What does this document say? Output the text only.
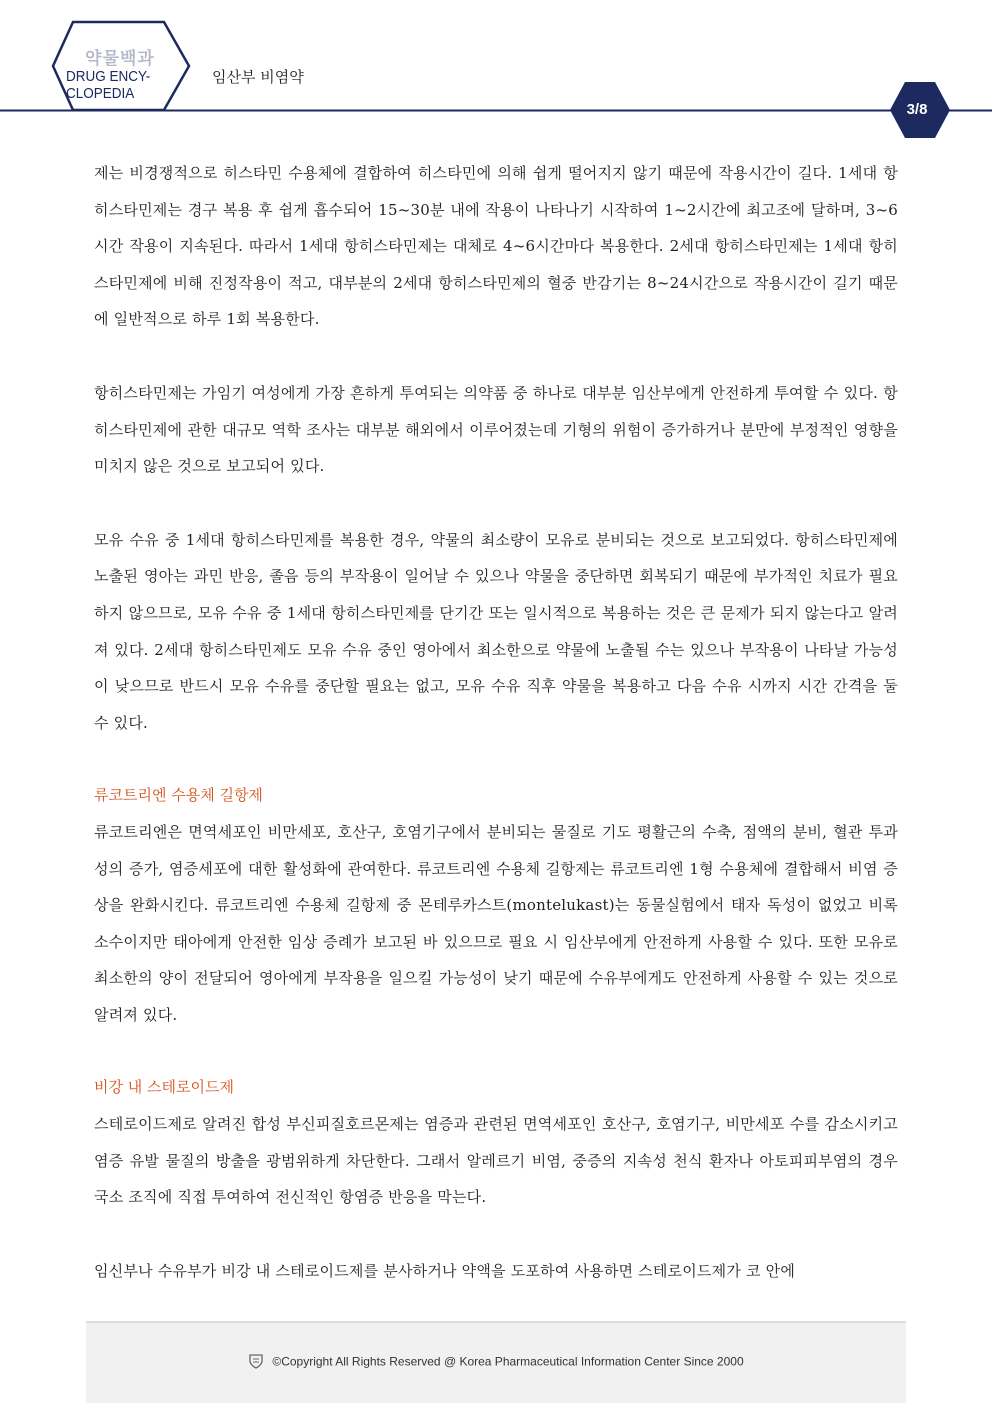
약물백과
DRUG ENCY-
CLOPEDIA
임산부 비염약
3/8

제는 비경쟁적으로 히스타민 수용체에 결합하여 히스타민에 의해 쉽게 떨어지지 않기 때문에 작용시간이 길다. 1세대 항히스타민제는 경구 복용 후 쉽게 흡수되어 15~30분 내에 작용이 나타나기 시작하여 1~2시간에 최고조에 달하며, 3~6시간 작용이 지속된다. 따라서 1세대 항히스타민제는 대체로 4~6시간마다 복용한다. 2세대 항히스타민제는 1세대 항히스타민제에 비해 진정작용이 적고, 대부분의 2세대 항히스타민제의 혈중 반감기는 8~24시간으로 작용시간이 길기 때문에 일반적으로 하루 1회 복용한다.

항히스타민제는 가임기 여성에게 가장 흔하게 투여되는 의약품 중 하나로 대부분 임산부에게 안전하게 투여할 수 있다. 항히스타민제에 관한 대규모 역학 조사는 대부분 해외에서 이루어졌는데 기형의 위험이 증가하거나 분만에 부정적인 영향을 미치지 않은 것으로 보고되어 있다.

모유 수유 중 1세대 항히스타민제를 복용한 경우, 약물의 최소량이 모유로 분비되는 것으로 보고되었다. 항히스타민제에 노출된 영아는 과민 반응, 졸음 등의 부작용이 일어날 수 있으나 약물을 중단하면 회복되기 때문에 부가적인 치료가 필요하지 않으므로, 모유 수유 중 1세대 항히스타민제를 단기간 또는 일시적으로 복용하는 것은 큰 문제가 되지 않는다고 알려져 있다. 2세대 항히스타민제도 모유 수유 중인 영아에서 최소한으로 약물에 노출될 수는 있으나 부작용이 나타날 가능성이 낮으므로 반드시 모유 수유를 중단할 필요는 없고, 모유 수유 직후 약물을 복용하고 다음 수유 시까지 시간 간격을 둘 수 있다.

류코트리엔 수용체 길항제

류코트리엔은 면역세포인 비만세포, 호산구, 호염기구에서 분비되는 물질로 기도 평활근의 수축, 점액의 분비, 혈관 투과성의 증가, 염증세포에 대한 활성화에 관여한다. 류코트리엔 수용체 길항제는 류코트리엔 1형 수용체에 결합해서 비염 증상을 완화시킨다. 류코트리엔 수용체 길항제 중 몬테루카스트(montelukast)는 동물실험에서 태자 독성이 없었고 비록 소수이지만 태아에게 안전한 임상 증례가 보고된 바 있으므로 필요 시 임산부에게 안전하게 사용할 수 있다. 또한 모유로 최소한의 양이 전달되어 영아에게 부작용을 일으킬 가능성이 낮기 때문에 수유부에게도 안전하게 사용할 수 있는 것으로 알려져 있다.

비강 내 스테로이드제

스테로이드제로 알려진 합성 부신피질호르몬제는 염증과 관련된 면역세포인 호산구, 호염기구, 비만세포 수를 감소시키고 염증 유발 물질의 방출을 광범위하게 차단한다. 그래서 알레르기 비염, 중증의 지속성 천식 환자나 아토피피부염의 경우 국소 조직에 직접 투여하여 전신적인 항염증 반응을 막는다.

임신부나 수유부가 비강 내 스테로이드제를 분사하거나 약액을 도포하여 사용하면 스테로이드제가 코 안에

©Copyright All Rights Reserved @ Korea Pharmaceutical Information Center Since 2000
